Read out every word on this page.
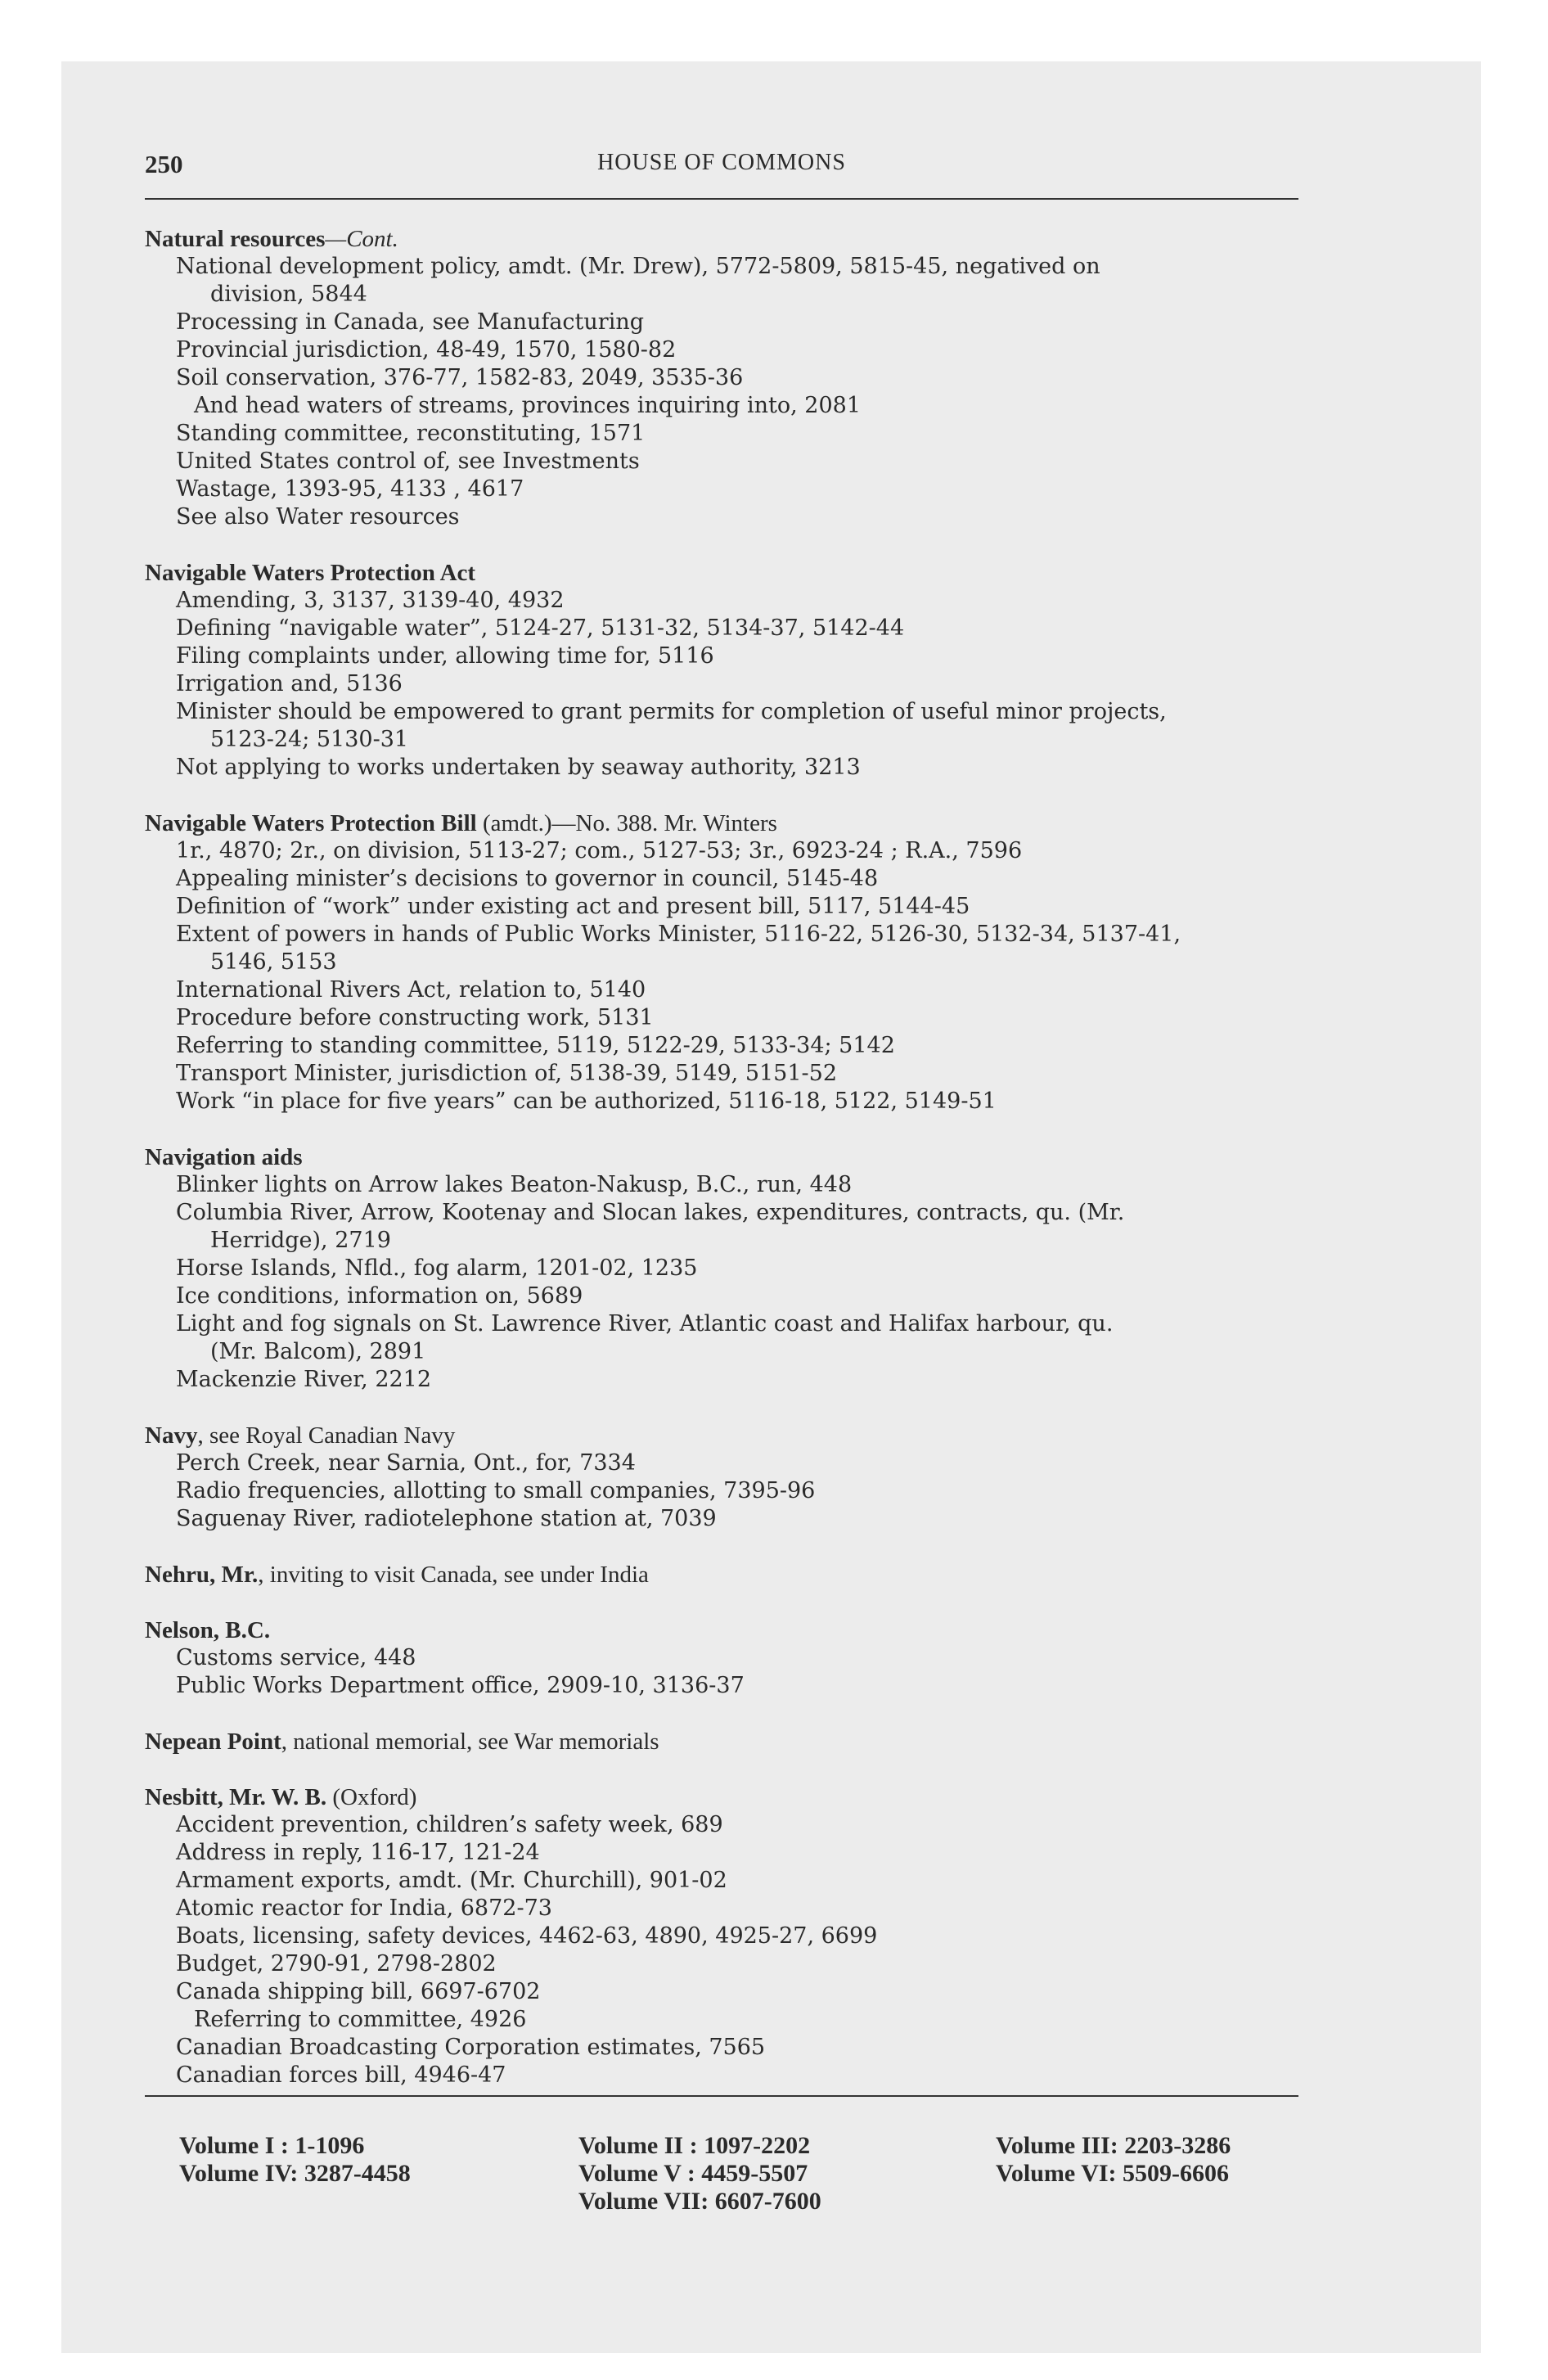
250	HOUSE OF COMMONS
Natural resources—Cont.
National development policy, amdt. (Mr. Drew), 5772-5809, 5815-45, negatived on
division, 5844
Processing in Canada, see Manufacturing
Provincial jurisdiction, 48-49, 1570, 1580-82
Soil conservation, 376-77, 1582-83, 2049, 3535-36
And head waters of streams, provinces inquiring into, 2081
Standing committee, reconstituting, 1571
United States control of, see Investments
Wastage, 1393-95, 4133 , 4617
See also Water resources
Navigable Waters Protection Act
Amending, 3, 3137, 3139-40, 4932
Defining “navigable water”, 5124-27, 5131-32, 5134-37, 5142-44
Filing complaints under, allowing time for, 5116
Irrigation and, 5136
Minister should be empowered to grant permits for completion of useful minor projects,
5123-24; 5130-31
Not applying to works undertaken by seaway authority, 3213
Navigable Waters Protection Bill (amdt.)—No. 388. Mr. Winters
1r., 4870; 2r., on division, 5113-27; com., 5127-53; 3r., 6923-24 ; R.A., 7596
Appealing minister’s decisions to governor in council, 5145-48
Definition of “work” under existing act and present bill, 5117, 5144-45
Extent of powers in hands of Public Works Minister, 5116-22, 5126-30, 5132-34, 5137-41,
5146, 5153
International Rivers Act, relation to, 5140
Procedure before constructing work, 5131
Referring to standing committee, 5119, 5122-29, 5133-34; 5142
Transport Minister, jurisdiction of, 5138-39, 5149, 5151-52
Work “in place for five years” can be authorized, 5116-18, 5122, 5149-51
Navigation aids
Blinker lights on Arrow lakes Beaton-Nakusp, B.C., run, 448
Columbia River, Arrow, Kootenay and Slocan lakes, expenditures, contracts, qu. (Mr.
Herridge), 2719
Horse Islands, Nfld., fog alarm, 1201-02, 1235
Ice conditions, information on, 5689
Light and fog signals on St. Lawrence River, Atlantic coast and Halifax harbour, qu.
(Mr. Balcom), 2891
Mackenzie River, 2212
Navy, see Royal Canadian Navy
Perch Creek, near Sarnia, Ont., for, 7334
Radio frequencies, allotting to small companies, 7395-96
Saguenay River, radiotelephone station at, 7039
Nehru, Mr., inviting to visit Canada, see under India
Nelson, B.C.
Customs service, 448
Public Works Department office, 2909-10, 3136-37
Nepean Point, national memorial, see War memorials
Nesbitt, Mr. W. B. (Oxford)
Accident prevention, children’s safety week, 689
Address in reply, 116-17, 121-24
Armament exports, amdt. (Mr. Churchill), 901-02
Atomic reactor for India, 6872-73
Boats, licensing, safety devices, 4462-63, 4890, 4925-27, 6699
Budget, 2790-91, 2798-2802
Canada shipping bill, 6697-6702
Referring to committee, 4926
Canadian Broadcasting Corporation estimates, 7565
Canadian forces bill, 4946-47
Volume I : 1-1096
Volume IV: 3287-4458
Volume II : 1097-2202
Volume V : 4459-5507
Volume VII: 6607-7600
Volume III: 2203-3286
Volume VI: 5509-6606
